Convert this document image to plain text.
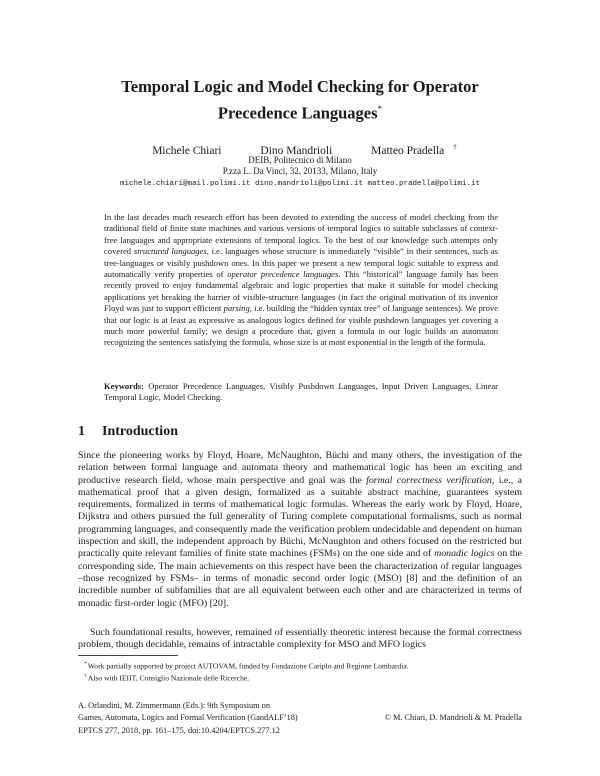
Temporal Logic and Model Checking for Operator
Precedence Languages*
Michele Chiari	Dino Mandrioli	Matteo Pradella †
DEIB, Politecnico di Milano
P.zza L. Da Vinci, 32, 20133, Milano, Italy
michele.chiari@mail.polimi.it dino.mandrioli@polimi.it matteo.pradella@polimi.it

In the last decades much research effort has been devoted to extending the success of model checking from the traditional field of finite state machines and various versions of temporal logics to suitable subclasses of context-free languages and appropriate extensions of temporal logics. To the best of our knowledge such attempts only covered structured languages, i.e. languages whose structure is immediately “visible” in their sentences, such as tree-languages or visibly pushdown ones. In this paper we present a new temporal logic suitable to express and automatically verify properties of operator precedence languages. This “historical” language family has been recently proved to enjoy fundamental algebraic and logic properties that make it suitable for model checking applications yet breaking the barrier of visible-structure languages (in fact the original motivation of its inventor Floyd was just to support efficient parsing, i.e. building the “hidden syntax tree” of language sentences). We prove that our logic is at least as expressive as analogous logics defined for visible pushdown languages yet covering a much more powerful family; we design a procedure that, given a formula in our logic builds an automaton recognizing the sentences satisfying the formula, whose size is at most exponential in the length of the formula.

Keywords: Operator Precedence Languages, Visibly Pushdown Languages, Input Driven Languages, Linear Temporal Logic, Model Checking.

1 Introduction

Since the pioneering works by Floyd, Hoare, McNaughton, Büchi and many others, the investigation of the relation between formal language and automata theory and mathematical logic has been an exciting and productive research field, whose main perspective and goal was the formal correctness verification, i.e., a mathematical proof that a given design, formalized as a suitable abstract machine, guarantees system requirements, formalized in terms of mathematical logic formulas. Whereas the early work by Floyd, Hoare, Dijkstra and others pursued the full generality of Turing complete computational formalisms, such as normal programming languages, and consequently made the verification problem undecidable and dependent on human inspection and skill, the independent approach by Büchi, McNaughton and others focused on the restricted but practically quite relevant families of finite state machines (FSMs) on the one side and of monadic logics on the corresponding side. The main achievements on this respect have been the characterization of regular languages –those recognized by FSMs– in terms of monadic second order logic (MSO) [8] and the definition of an incredible number of subfamilies that are all equivalent between each other and are characterized in terms of monadic first-order logic (MFO) [20].

Such foundational results, however, remained of essentially theoretic interest because the formal correctness problem, though decidable, remains of intractable complexity for MSO and MFO logics

*Work partially supported by project AUTOVAM, funded by Fondazione Cariplo and Regione Lombardia.
†Also with IEIIT, Consiglio Nazionale delle Ricerche.
A. Orlandini, M. Zimmermann (Eds.): 9th Symposium on
Games, Automata, Logics and Formal Verification (GandALF’18)
EPTCS 277, 2018, pp. 161–175, doi:10.4204/EPTCS.277.12
© M. Chiari, D. Mandrioli & M. Pradella
